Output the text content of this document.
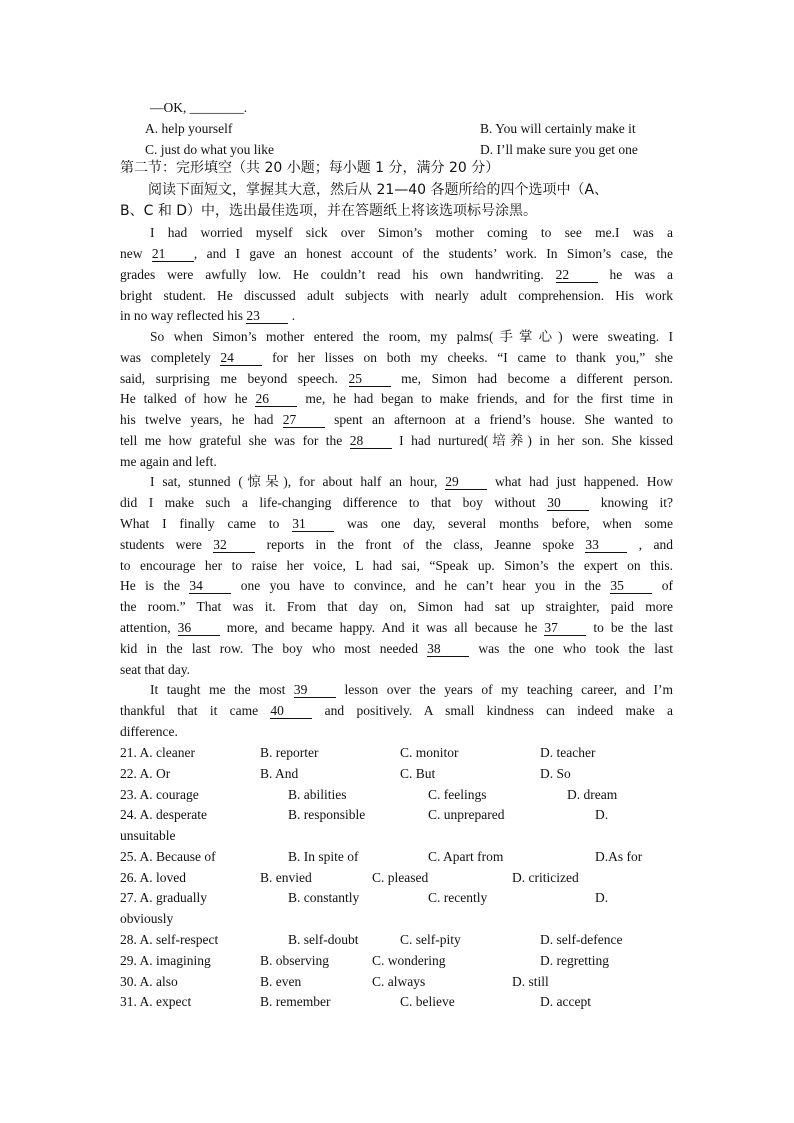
—OK, ________.
A. help yourself	B. You will certainly make it
C. just do what you like	D. I’ll make sure you get one
第二节：完形填空（共 20 小题；每小题 1 分，满分 20 分）
阅读下面短文，掌握其大意，然后从 21—40 各题所给的四个选项中（A、
B、C 和 D）中，选出最佳选项，并在答题纸上将该选项标号涂黑。
I had worried myself sick over Simon’s mother coming to see me.I was a
new 21 , and I gave an honest account of the students’ work. In Simon’s case, the
grades were awfully low. He couldn’t read his own handwriting. 22 he was a
bright student. He discussed adult subjects with nearly adult comprehension. His work
in no way reflected his 23 .
So when Simon’s mother entered the room, my palms(手掌心) were sweating. I
was completely 24 for her lisses on both my cheeks. “I came to thank you,” she
said, surprising me beyond speech. 25 me, Simon had become a different person.
He talked of how he 26 me, he had began to make friends, and for the first time in
his twelve years, he had 27 spent an afternoon at a friend’s house. She wanted to
tell me how grateful she was for the 28 I had nurtured(培养) in her son. She kissed
me again and left.
I sat, stunned (惊呆), for about half an hour, 29 what had just happened. How
did I make such a life-changing difference to that boy without 30 knowing it?
What I finally came to 31 was one day, several months before, when some
students were 32 reports in the front of the class, Jeanne spoke 33 , and
to encourage her to raise her voice, L had sai, “Speak up. Simon’s the expert on this.
He is the 34 one you have to convince, and he can’t hear you in the 35 of
the room.” That was it. From that day on, Simon had sat up straighter, paid more
attention, 36 more, and became happy. And it was all because he 37 to be the last
kid in the last row. The boy who most needed 38 was the one who took the last
seat that day.
It taught me the most 39 lesson over the years of my teaching career, and I’m
thankful that it came 40 and positively. A small kindness can indeed make a
difference.
21. A. cleaner	B. reporter	C. monitor	D. teacher
22. A. Or	B. And	C. But	D. So
23. A. courage	B. abilities	C. feelings	D. dream
24. A. desperate	B. responsible	C. unprepared	D.
unsuitable
25. A. Because of	B. In spite of	C. Apart from	D.As for
26. A. loved	B. envied	C. pleased	D. criticized
27. A. gradually	B. constantly	C. recently	D.
obviously
28. A. self-respect	B. self-doubt	C. self-pity	D. self-defence
29. A. imagining	B. observing	C. wondering	D. regretting
30. A. also	B. even	C. always	D. still
31. A. expect	B. remember	C. believe	D. accept
